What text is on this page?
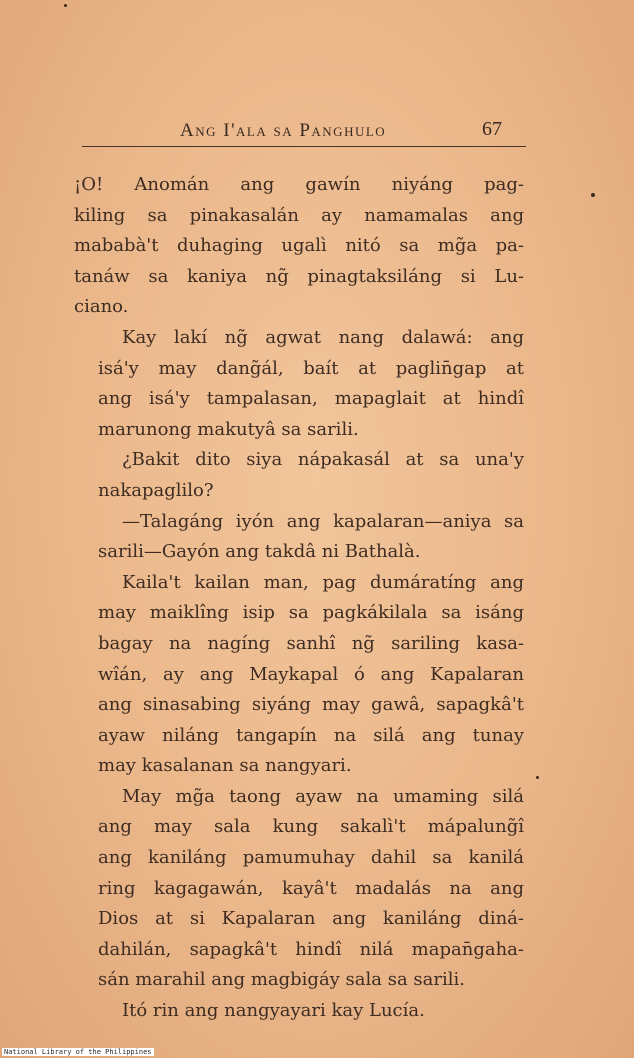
Ang I'ala sa Panghulo	67

¡O! Anomán ang gawín niyáng pag-
kiling sa pinakasalán ay namamalas ang
mababà't duhaging ugalì nitó sa mg̃a pa-
tanáw sa kaniya ng̃ pinagtaksiláng si Lu-
ciano.

Kay lakí ng̃ agwat nang dalawá: ang
isá'y may dang̃ál, baít at paglin̄gap at
ang isá'y tampalasan, mapaglait at hindî
marunong makutyâ sa sarili.

¿Bakit dito siya nápakasál at sa una'y
nakapaglilo?

—Talagáng iyón ang kapalaran—aniya sa
sarili—Gayón ang takdâ ni Bathalà.

Kaila't kailan man, pag dumáratíng ang
may maiklîng isip sa pagkákilala sa isáng
bagay na nagíng sanhî ng̃ sariling kasa-
wîán, ay ang Maykapal ó ang Kapalaran
ang sinasabing siyáng may gawâ, sapagkâ't
ayaw niláng tangapín na silá ang tunay
may kasalanan sa nangyari.

May mg̃a taong ayaw na umaming silá
ang may sala kung sakalì't mápalung̃î
ang kaniláng pamumuhay dahil sa kanilá
ring kagagawán, kayâ't madalás na ang
Dios at si Kapalaran ang kaniláng diná-
dahilán, sapagkâ't hindî nilá mapan̄gaha-
sán marahil ang magbigáy sala sa sarili.

Itó rin ang nangyayari kay Lucía.

National Library of the Philippines
